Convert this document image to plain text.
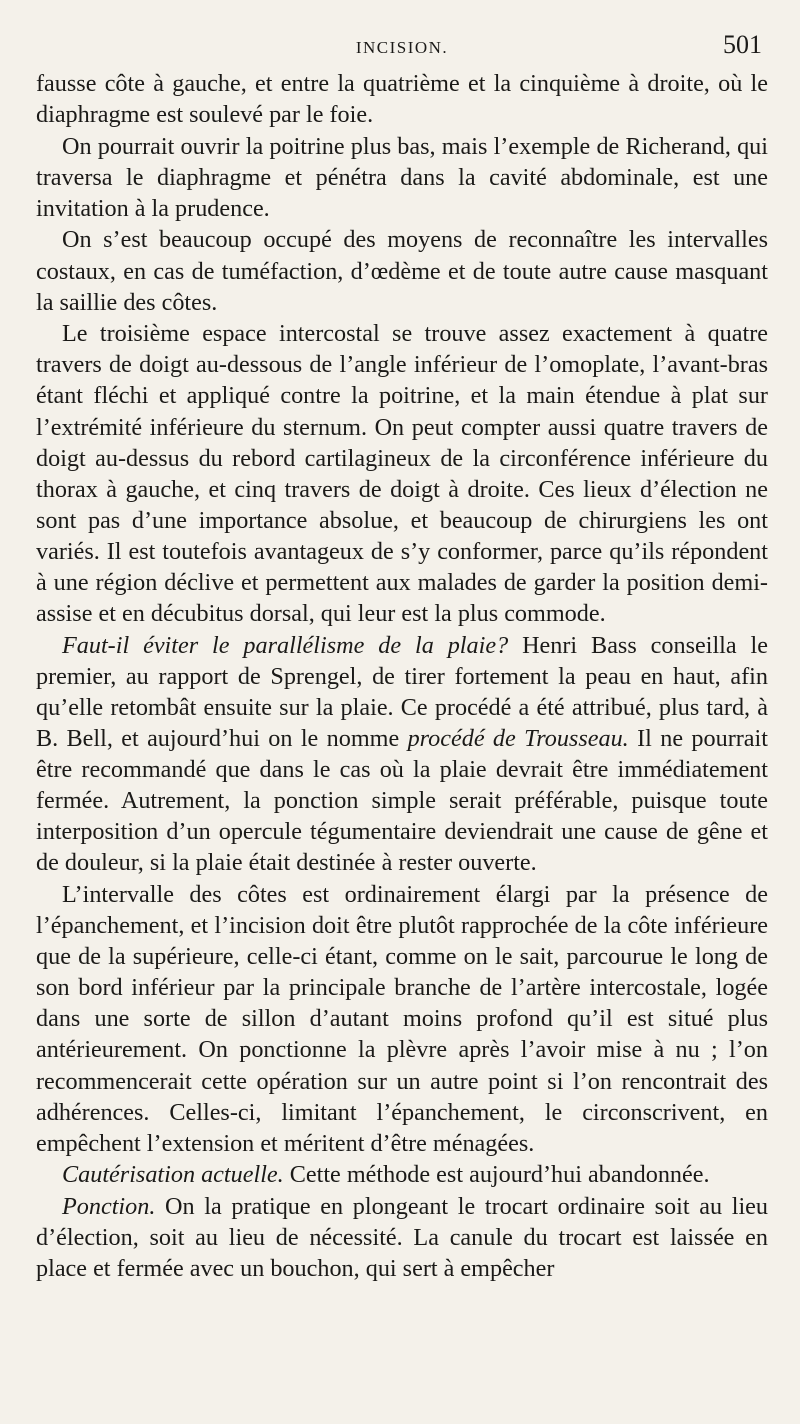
INCISION.	501

fausse côte à gauche, et entre la quatrième et la cinquième à droite, où le diaphragme est soulevé par le foie.

On pourrait ouvrir la poitrine plus bas, mais l’exemple de Richerand, qui traversa le diaphragme et pénétra dans la cavité abdominale, est une invitation à la prudence.

On s’est beaucoup occupé des moyens de reconnaître les intervalles costaux, en cas de tuméfaction, d’œdème et de toute autre cause masquant la saillie des côtes.

Le troisième espace intercostal se trouve assez exactement à quatre travers de doigt au-dessous de l’angle inférieur de l’omoplate, l’avant-bras étant fléchi et appliqué contre la poitrine, et la main étendue à plat sur l’extrémité inférieure du sternum. On peut compter aussi quatre travers de doigt au-dessus du rebord cartilagineux de la circonférence inférieure du thorax à gauche, et cinq travers de doigt à droite. Ces lieux d’élection ne sont pas d’une importance absolue, et beaucoup de chirurgiens les ont variés. Il est toutefois avantageux de s’y conformer, parce qu’ils répondent à une région déclive et permettent aux malades de garder la position demi-assise et en décubitus dorsal, qui leur est la plus commode.

Faut-il éviter le parallélisme de la plaie? Henri Bass conseilla le premier, au rapport de Sprengel, de tirer fortement la peau en haut, afin qu’elle retombât ensuite sur la plaie. Ce procédé a été attribué, plus tard, à B. Bell, et aujourd’hui on le nomme procédé de Trousseau. Il ne pourrait être recommandé que dans le cas où la plaie devrait être immédiatement fermée. Autrement, la ponction simple serait préférable, puisque toute interposition d’un opercule tégumentaire deviendrait une cause de gêne et de douleur, si la plaie était destinée à rester ouverte.

L’intervalle des côtes est ordinairement élargi par la présence de l’épanchement, et l’incision doit être plutôt rapprochée de la côte inférieure que de la supérieure, celle-ci étant, comme on le sait, parcourue le long de son bord inférieur par la principale branche de l’artère intercostale, logée dans une sorte de sillon d’autant moins profond qu’il est situé plus antérieurement. On ponctionne la plèvre après l’avoir mise à nu ; l’on recommencerait cette opération sur un autre point si l’on rencontrait des adhérences. Celles-ci, limitant l’épanchement, le circonscrivent, en empêchent l’extension et méritent d’être ménagées.

Cautérisation actuelle. Cette méthode est aujourd’hui abandonnée.

Ponction. On la pratique en plongeant le trocart ordinaire soit au lieu d’élection, soit au lieu de nécessité. La canule du trocart est laissée en place et fermée avec un bouchon, qui sert à empêcher
